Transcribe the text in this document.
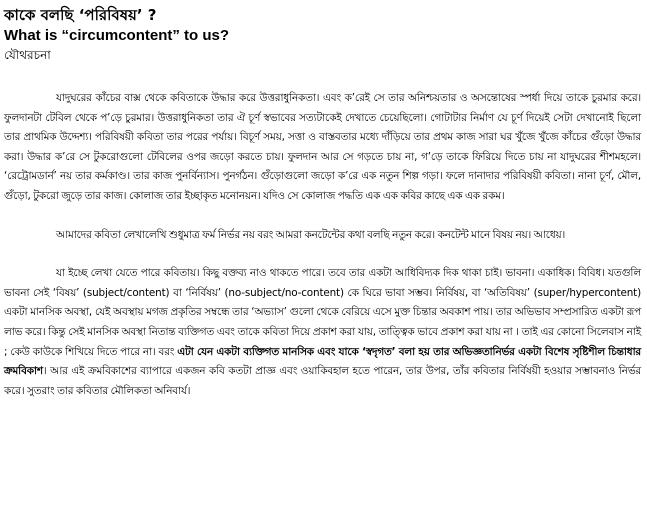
কাকে বলছি ‘পরিবিষয়’ ?
What is “circumcontent” to us?
যৌথরচনা

যাদুঘরের কাঁচের বাক্স থেকে কবিতাকে উদ্ধার করে উত্তরাধুনিকতা। এবং ক’রেই সে তার অনিশ্চয়তার ও অসন্তোষের স্পর্ধা দিয়ে তাকে চুরমার করে। ফুলদানটা টেবিল থেকে প’ড়ে চুরমার। উত্তরাধুনিকতা তার ঐ চূর্ণ স্বভাবের সত্যটাকেই দেখাতে চেয়েছিলো। গোটাটার নির্মাণ যে চূর্ণ দিয়েই সেটা দেখানোই ছিলো তার প্রাথমিক উদ্দেশ্য। পরিবিষয়ী কবিতা তার পরের পর্যায়। বিচূর্ণ সময়, সত্তা ও বাস্তবতার মধ্যে দাঁড়িয়ে তার প্রথম কাজ সারা ঘর খুঁজে খুঁজে কাঁচের গুঁড়ো উদ্ধার করা। উদ্ধার ক’রে সে টুকরোগুলো টেবিলের ওপর জড়ো করতে চায়। ফুলদান আর সে গড়তে চায় না, গ’ড়ে তাকে ফিরিয়ে দিতে চায় না যাদুঘরের শীশমহলে। ‘রেট্রোমডার্ন’ নয় তার কর্মকাণ্ড। তার কাজ পুনর্বিন্যাস। পুনর্গঠন। গুঁড়োগুলো জড়ো ক’রে এক নতুন শিল্প গড়া। ফলে দানাদার পরিবিষয়ী কবিতা। নানা চূর্ণ, মৌল, গুঁড়ো, টুকরো জুড়ে তার কাজ। কোলাজ তার ইচ্ছাকৃত মনোনয়ন। যদিও সে কোলাজ পদ্ধতি এক এক কবির কাছে এক এক রকম।

আমাদের কবিতা লেখালেখি শুধুমাত্র ফর্ম নির্ভর নয় বরং আমরা কনটেন্টের কথা বলছি নতুন করে। কনটেন্ট মানে বিষয় নয়। আধেয়।

যা ইচ্ছে লেখা যেতে পারে কবিতায়। কিছু বক্তব্য নাও থাকতে পারে। তবে তার একটা আধিবিদ্যক দিক থাকা চাই। ভাবনা। একাধিক। বিবিধ। যতগুলি ভাবনা সেই ‘বিষয়’ (subject/content) বা ‘নির্বিষয়’ (no-subject/no-content) কে ঘিরে ভাবা সম্ভব। নির্বিষয়, বা ‘অতিবিষয়’ (super/hypercontent) একটা মানসিক অবস্থা, যেই অবস্থায় মগজ প্রকৃতির সম্বন্ধে তার ‘অভ্যাস’ গুলো থেকে বেরিয়ে এসে মুক্ত চিন্তার অবকাশ পায়। তার অভিভাব সম্প্রসারিত একটা রূপ লাভ করে। কিন্তু সেই মানসিক অবস্থা নিতান্ত ব্যক্তিগত এবং তাকে কবিতা দিয়ে প্রকাশ করা যায়, তাত্ত্বিক ভাবে প্রকাশ করা যায় না । তাই এর কোনো সিলেবাস নাই ; কেউ কাউকে শিখিয়ে দিতে পারে না। বরং এটা যেন একটা ব্যক্তিগত মানসিক এবং যাকে ‘স্বদৃগত’ বলা হয় তার অভিজ্ঞতানির্ভর একটা বিশেষ সৃষ্টিশীল চিন্তাধার ক্রমবিকাশ। আর এই ক্রমবিকাশের ব্যাপারে একজন কবি কতটা প্রাজ্ঞ এবং ওয়াকিবহাল হতে পারেন, তার উপর, তাঁর কবিতার নির্বিষয়ী হওয়ার সম্ভাবনাও নির্ভর করে। সুতরাং তার কবিতার মৌলিকতা অনিবার্য।
